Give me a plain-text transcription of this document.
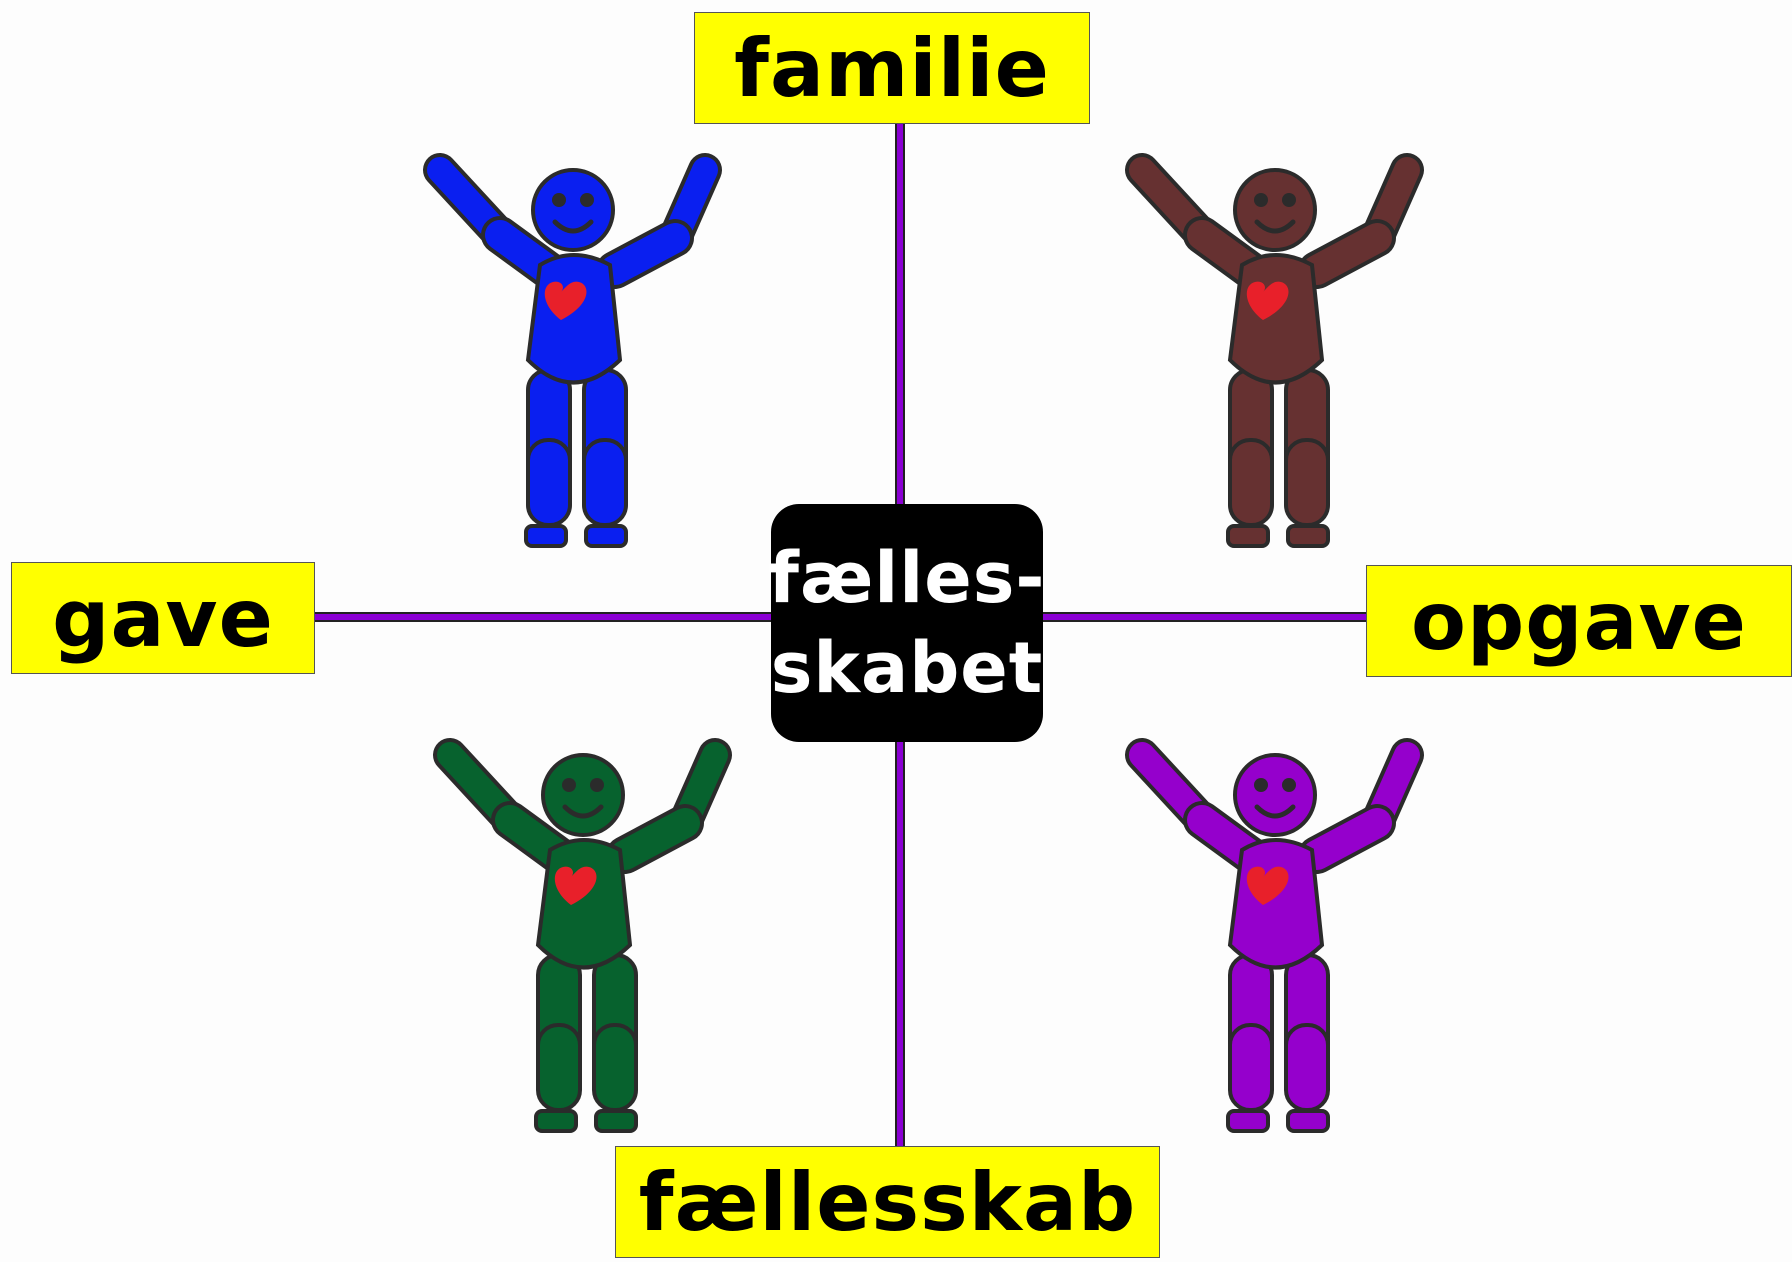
familie
gave	opgave
fællesskab
fælles-
skabet
